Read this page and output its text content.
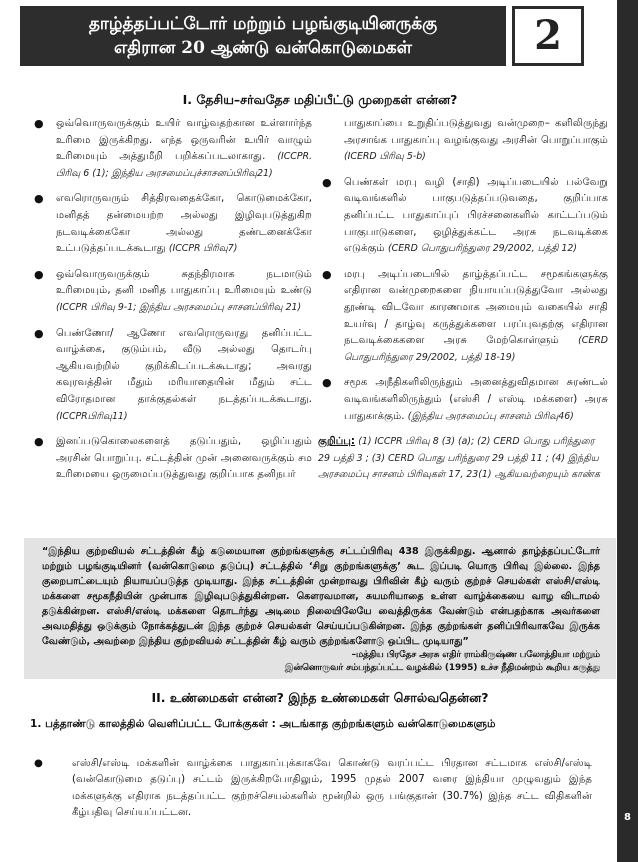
தாழ்த்தப்பட்டோர் மற்றும் பழங்குடியினருக்கு
எதிரான 20 ஆண்டு வன்கொடுமைகள்	2
8
I. தேசிய–சர்வதேச மதிப்பீட்டு முறைகள் என்ன?
● ஒவ்வொருவருக்கும் உயிர் வாழ்வதற்கான உள்ளார்ந்த உரிமை இருக்கிறது. எந்த ஒருவரின் உயிர் வாழும் உரிமையும் அத்துமீறி பறிக்கப்படலாகாது. (ICCPR. பிரிவு 6 (1); இந்திய அரசமைப்புச்சாசனப்பிரிவு21)
● எவரொருவரும் சித்திரவதைக்கோ, கொடுமைக்கோ, மனிதத் தன்மையற்ற அல்லது இழிவுபடுத்துகிற நடவடிக்கைகோ அல்லது தண்டனைக்கோ உட்படுத்தப்படக்கூடாது (ICCPR பிரிவு7)
● ஒவ்வொருவருக்கும் சுதந்திரமாக நடமாடும் உரிமையும், தனி மனித பாதுகாப்பு உரிமையும் உண்டு (ICCPR பிரிவு 9-1; இந்திய அரசமைப்பு சாசனப்பிரிவு 21)
● பெண்ணோ/ ஆணோ எவரொருவரது தனிப்பட்ட வாழ்க்கை, குடும்பம், வீடு அல்லது தொடர்பு ஆகியவற்றில் குறிக்கிடப்படக்கூடாது; அவரது கவுரவத்தின் மீதும் மரியாதையின் மீதும் சட்ட விரோதமான தாக்குதல்கள் நடத்தப்படக்கூடாது. (ICCPRபிரிவு11)
● இனப்படுகொலைகளைத் தடுப்பதும், ஒழிப்பதும் அரசின் பொறுப்பு. சட்டத்தின் முன் அனைவருக்கும் சம உரிமையை ஒருமைப்படுத்துவது குறிப்பாக தனிநபர்
பாதுகாப்பை உறுதிப்படுத்துவது வன்முறை– களிலிருந்து அரசாங்க பாதுகாப்பு வழங்குவது அரசின் பொறுப்பாகும் (ICERD பிரிவு 5-b)
● பெண்கள் மரபு வழி (சாதி) அடிப்படையில் பல்வேறு வடிவங்களில் பாகுபடுத்தப்படுவதை, குறிப்பாக தனிப்பட்ட பாதுகாப்புப் பிரச்சனைகளில் காட்டப்படும் பாகுபாடுகளை, ஒழித்துக்கட்ட அரசு நடவடிக்கை எடுக்கும் (CERD பொதுபரிந்துரை 29/2002, பத்தி 12)
● மரபு அடிப்படையில் தாழ்த்தப்பட்ட சமூகங்களுக்கு எதிரான வன்முறைகளை நியாயப்படுத்துவோ அல்லது தூண்டி விடவோ காரணமாக அமையும் வகையில் சாதி உயர்வு / தாழ்வு கருத்துக்களை பரப்புவதற்கு எதிரான நடவடிக்கைகளை அரசு மேற்கொள்ளும் (CERD பொதுபரிந்துரை 29/2002, பத்தி 18-19)
● சமூக அநீதிகளிலிருந்தும் அனைத்துவிதமான சுரண்டல் வடிவங்களிலிருந்தும் (எஸ்சி / எஸ்டி மக்களை) அரசு பாதுகாக்கும். (இந்திய அரசமைப்பு சாசனம் பிரிவு46)
குறிப்பு: (1) ICCPR பிரிவு 8 (3) (a); (2) CERD பொது பரிந்துரை 29 பத்தி 3 ; (3) CERD பொது பரிந்துரை 29 பத்தி 11 ; (4) இந்திய அரசமைப்பு சாசனம் பிரிவுகள் 17, 23(1) ஆகியவற்றையும் காண்க
“இந்திய குற்றவியல் சட்டத்தின் கீழ் கடுமையான குற்றங்களுக்கு சட்டப்பிரிவு 438 இருக்கிறது. ஆனால் தாழ்த்தப்பட்டோர் மற்றும் பழங்குடியினர் (வன்கொடுமை தடுப்பு) சட்டத்தில் ‘சிறு குற்றங்களுக்கு’ கூட இப்படி யொரு பிரிவு இல்லை. இந்த குறைபாட்டையும் நியாயப்படுத்த முடியாது. இந்த சட்டத்தின் முன்றாவது பிரிவின் கீழ் வரும் குற்றச் செயல்கள் எஸ்சி/எஸ்டி மக்களை சமூகநீதியின் முன்பாக இழிவுபடுத்துகின்றன. கௌரவமான, சுயமரியாதை உள்ள வாழ்க்கையை வாழ விடாமல் தடுக்கின்றன. எஸ்சி/எஸ்டி மக்களை தொடர்ந்து அடிமை நிலையிலேயே வைத்திருக்க வேண்டும் என்பதற்காக அவர்களை அவமதித்து ஒடுக்கும் நோக்கத்துடன் இந்த குற்றச் செயல்கள் செய்யப்படுகின்றன. இந்த குற்றங்கள் தனிப்பிரிவாகவே இருக்க வேண்டும், அவற்றை இந்திய குற்றவியல் சட்டத்தின் கீழ் வரும் குற்றங்களோடு ஒப்பிட முடியாது”
–மத்திய பிரதேச அரசு எதிர் ராம்கிருஷ்ண பலோத்தியா மற்றும்
இன்னொருவர் சம்பந்தப்பட்ட வழக்கில் (1995) உச்ச நீதிமன்றம் கூறிய கருத்து
II. உண்மைகள் என்ன? இந்த உண்மைகள் சொல்வதென்ன?
1. பத்தாண்டு காலத்தில் வெளிப்பட்ட போக்குகள் : அடங்காத குற்றங்களும் வன்கொடுமைகளும்
●	எஸ்சி/எஸ்டி மக்களின் வாழ்க்கை பாதுகாப்புக்காகவே கொண்டு வரப்பட்ட பிரதான சட்டமாக எஸ்சி/எஸ்டி (வன்கொடுமை தடுப்பு) சட்டம் இருக்கிறபோதிலும், 1995 முதல் 2007 வரை இந்தியா முழுவதும் இந்த மக்களுக்கு எதிராக நடத்தப்பட்ட குற்றச்செயல்களில் மூன்றில் ஒரு பங்குதான் (30.7%) இந்த சட்ட விதிகளின் கீழ்பதிவு செய்யப்பட்டன.
